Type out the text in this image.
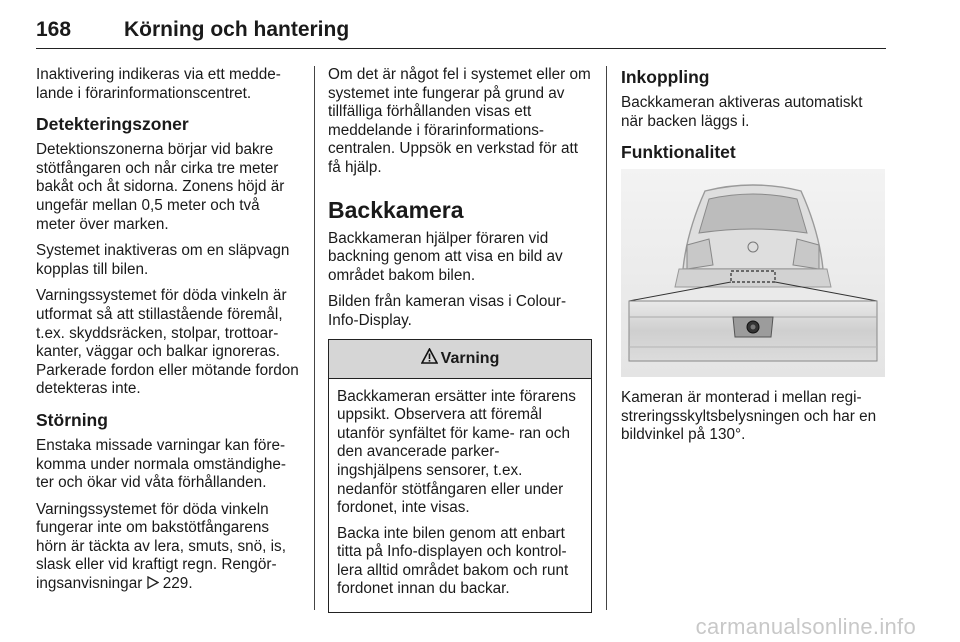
168	Körning och hantering

Inaktivering indikeras via ett medde- lande i förarinformationscentret.

Detekteringszoner

Detektionszonerna börjar vid bakre stötfångaren och når cirka tre meter bakåt och åt sidorna. Zonens höjd är ungefär mellan 0,5 meter och två meter över marken.

Systemet inaktiveras om en släpvagn kopplas till bilen.

Varningssystemet för döda vinkeln är utformat så att stillastående föremål, t.ex. skyddsräcken, stolpar, trottoar- kanter, väggar och balkar ignoreras. Parkerade fordon eller mötande fordon detekteras inte.

Störning

Enstaka missade varningar kan före- komma under normala omständighe- ter och ökar vid våta förhållanden.

Varningssystemet för döda vinkeln fungerar inte om bakstötfångarens hörn är täckta av lera, smuts, snö, is, slask eller vid kraftigt regn. Rengör- ingsanvisningar 229.

Om det är något fel i systemet eller om systemet inte fungerar på grund av tillfälliga förhållanden visas ett meddelande i förarinformations- centralen. Uppsök en verkstad för att få hjälp.

Backkamera

Backkameran hjälper föraren vid backning genom att visa en bild av området bakom bilen.

Bilden från kameran visas i Colour- Info-Display.

Varning

Backkameran ersätter inte förarens uppsikt. Observera att föremål utanför synfältet för kame- ran och den avancerade parker- ingshjälpens sensorer, t.ex. nedanför stötfångaren eller under fordonet, inte visas.

Backa inte bilen genom att enbart titta på Info-displayen och kontrol- lera alltid området bakom och runt fordonet innan du backar.

Inkoppling

Backkameran aktiveras automatiskt när backen läggs i.

Funktionalitet

Kameran är monterad i mellan regi- streringsskyltsbelysningen och har en bildvinkel på 130°.

carmanualsonline.info
